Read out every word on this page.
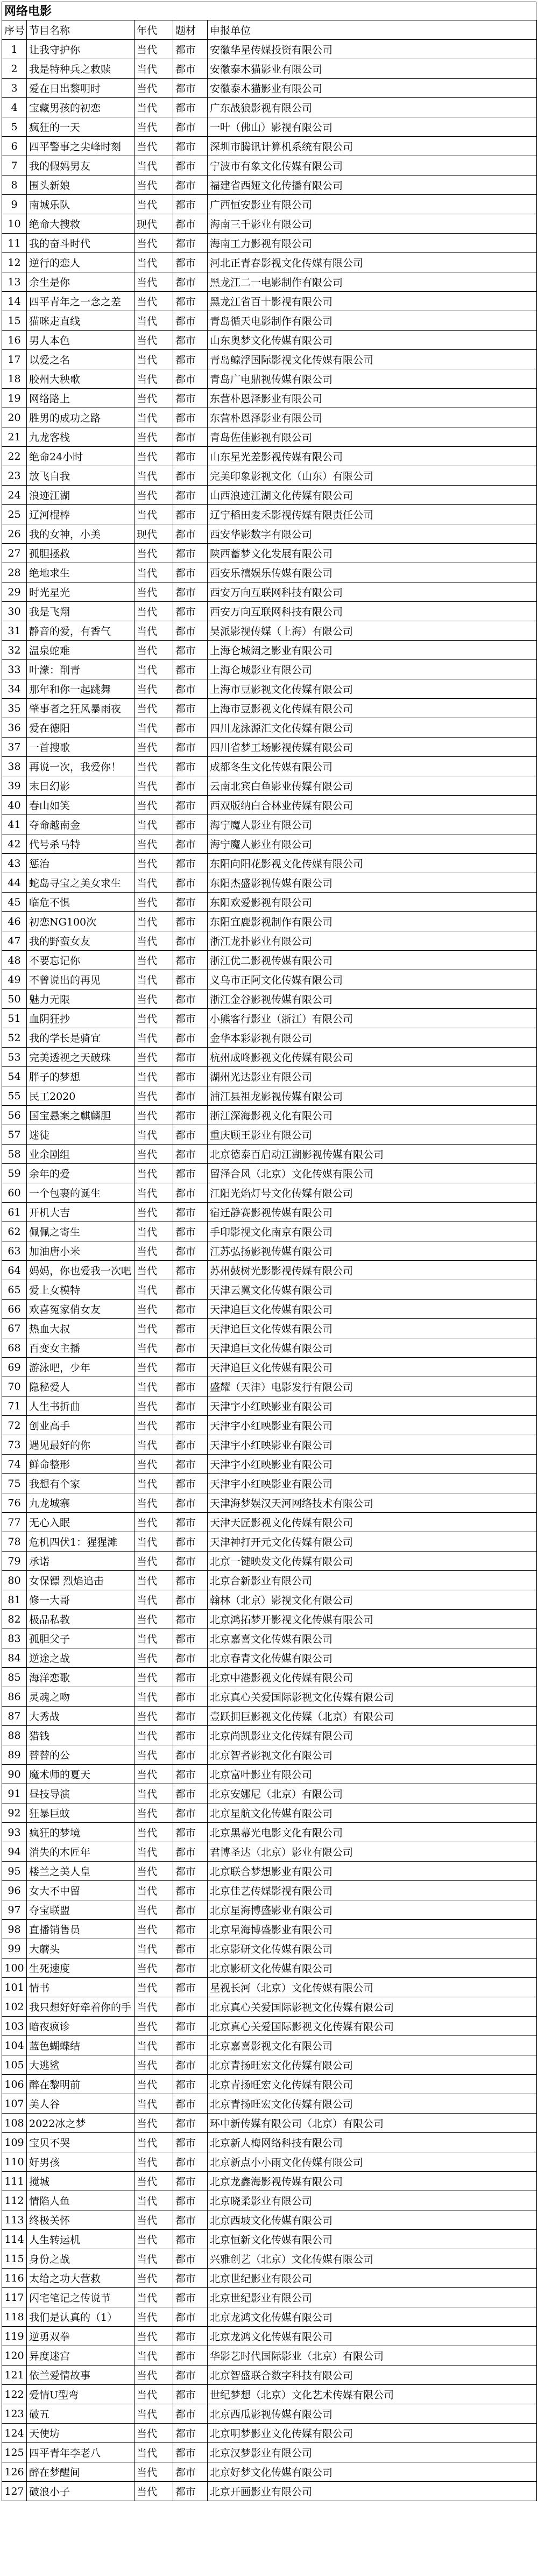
网络电影
序号	节目名称	年代	题材	申报单位
1	让我守护你	当代	都市	安徽华星传媒投资有限公司
2	我是特种兵之救赎	当代	都市	安徽泰木猫影业有限公司
3	爱在日出黎明时	当代	都市	安徽泰木猫影业有限公司
4	宝藏男孩的初恋	当代	都市	广东战狼影视有限公司
5	疯狂的一天	当代	都市	一叶（佛山）影视有限公司
6	四平警事之尖峰时刻	当代	都市	深圳市腾讯计算机系统有限公司
7	我的假妈男友	当代	都市	宁波市有象文化传媒有限公司
8	围头新娘	当代	都市	福建省西娅文化传播有限公司
9	南城乐队	当代	都市	广西恒安影业有限公司
10	绝命大搜救	现代	都市	海南三千影业有限公司
11	我的奋斗时代	当代	都市	海南工力影视有限公司
12	逆行的恋人	当代	都市	河北正青春影视文化传媒有限公司
13	余生是你	当代	都市	黑龙江二一电影制作有限公司
14	四平青年之一念之差	当代	都市	黑龙江省百十影视有限公司
15	猫咪走直线	当代	都市	青岛循天电影制作有限公司
16	男人本色	当代	都市	山东奥梦文化传媒有限公司
17	以爱之名	当代	都市	青岛鲸浮国际影视文化传媒有限公司
18	胶州大秧歌	当代	都市	青岛广电鼎视传媒有限公司
19	网络路上	当代	都市	东营朴恩泽影业有限公司
20	胜男的成功之路	当代	都市	东营朴恩泽影业有限公司
21	九龙客栈	当代	都市	青岛佐佳影视有限公司
22	绝命24小时	当代	都市	山东星光差影视传媒有限公司
23	放飞自我	当代	都市	完美印象影视文化（山东）有限公司
24	浪迹江湖	当代	都市	山西浪迹江湖文化传媒有限公司
25	辽河棍棒	当代	都市	辽宁稻田麦禾影视传媒有限责任公司
26	我的女神，小美	现代	都市	西安华影数字有限公司
27	孤胆拯救	当代	都市	陕西蓄梦文化发展有限公司
28	绝地求生	当代	都市	西安乐禧娱乐传媒有限公司
29	时光星光	当代	都市	西安万向互联网科技有限公司
30	我是飞翔	当代	都市	西安万向互联网科技有限公司
31	静音的爱，有香气	当代	都市	吴派影视传媒（上海）有限公司
32	温泉蛇难	当代	都市	上海仑城阔之影业有限公司
33	叶濛：削青	当代	都市	上海仑城影业有限公司
34	那年和你一起跳舞	当代	都市	上海市豆影视文化传媒有限公司
35	肇事者之狂风暴雨夜	当代	都市	上海市豆影视文化传媒有限公司
36	爱在德阳	当代	都市	四川龙泳源汇文化传媒有限公司
37	一首搜歌	当代	都市	四川省梦工场影视传媒有限公司
38	再说一次，我爱你！	当代	都市	成都冬生文化传媒有限公司
39	末日幻影	当代	都市	云南北宾白鱼影业传媒有限公司
40	春山如笑	当代	都市	西双版纳白合林业传媒有限公司
41	夺命越南金	当代	都市	海宁魔人影业有限公司
42	代号杀马特	当代	都市	海宁魔人影业有限公司
43	惩治	当代	都市	东阳向阳花影视文化传媒有限公司
44	蛇岛寻宝之美女求生	当代	都市	东阳杰盛影视传媒有限公司
45	临危不惧	当代	都市	东阳欢爱影视有限公司
46	初恋NG100次	当代	都市	东阳宜鹿影视制作有限公司
47	我的野蛮女友	当代	都市	浙江龙扑影业有限公司
48	不要忘记你	当代	都市	浙江优二影视传媒有限公司
49	不曾说出的再见	当代	都市	义乌市正阿文化传媒有限公司
50	魅力无限	当代	都市	浙江金谷影视传媒有限公司
51	血阴狂抄	当代	都市	小熊客行影业（浙江）有限公司
52	我的学长是骑宜	当代	都市	金华本彩影视有限公司
53	完美透视之天破珠	当代	都市	杭州成咚影视文化传媒有限公司
54	胖子的梦想	当代	都市	湖州光达影业有限公司
55	民工2020	当代	都市	浦江县祖龙影视传媒有限公司
56	国宝悬案之麒麟胆	当代	都市	浙江深海影视文化有限公司
57	迷徒	当代	都市	重庆顾王影业有限公司
58	业余剧组	当代	都市	北京德泰百启动江湖影视传媒有限公司
59	余年的爱	当代	都市	留泽合风（北京）文化传媒有限公司
60	一个包裹的诞生	当代	都市	江阳光焰灯号文化传媒有限公司
61	开机大吉	当代	都市	宿迁静赛影视传媒有限公司
62	佩佩之寄生	当代	都市	手印影视文化南京有限公司
63	加油唐小米	当代	都市	江苏弘扬影视传媒有限公司
64	妈妈，你也爱我一次吧	当代	都市	苏州鼓树光影影视传媒有限公司
65	爱上女模特	当代	都市	天津云翼文化传媒有限公司
66	欢喜冤家俏女友	当代	都市	天津追巨文化传媒有限公司
67	热血大叔	当代	都市	天津追巨文化传媒有限公司
68	百变女主播	当代	都市	天津追巨文化传媒有限公司
69	游泳吧，少年	当代	都市	天津追巨文化传媒有限公司
70	隐秘爱人	当代	都市	盛耀（天津）电影发行有限公司
71	人生书折曲	当代	都市	天津宇小红映影业有限公司
72	创业高手	当代	都市	天津宇小红映影业有限公司
73	遇见最好的你	当代	都市	天津宇小红映影业有限公司
74	鲜命整形	当代	都市	天津宇小红映影业有限公司
75	我想有个家	当代	都市	天津宇小红映影业有限公司
76	九龙城寨	当代	都市	天津海梦娱汉天河网络技术有限公司
77	无心入眠	当代	都市	天津天匠影视文化传媒有限公司
78	危机四伏1：猩猩滩	当代	都市	天津神打开元文化传媒有限公司
79	承诺	当代	都市	北京一键映发文化传媒有限公司
80	女保镖 烈焰追击	当代	都市	北京合新影业有限公司
81	修一大哥	当代	都市	翰林（北京）影视文化有限公司
82	极品私教	当代	都市	北京鸿拓梦开影视文化传媒有限公司
83	孤胆父子	当代	都市	北京嘉喜文化传媒有限公司
84	逆途之战	当代	都市	北京春青文化传媒有限公司
85	海洋恋歌	当代	都市	北京中港影视文化传媒有限公司
86	灵魂之吻	当代	都市	北京真心关爱国际影视文化传媒有限公司
87	大秀战	当代	都市	壹跃拥巨影视文化传媒（北京）有限公司
88	猎钱	当代	都市	北京尚凯影业文化传媒有限公司
89	替替的公	当代	都市	北京智者影视文化有限公司
90	魔术师的夏天	当代	都市	北京富叶影业有限公司
91	昼技导演	当代	都市	北京安娜尼（北京）有限公司
92	狂暴巨蚊	当代	都市	北京星航文化传媒有限公司
93	疯狂的梦境	当代	都市	北京黑幕光电影文化有限公司
94	消失的木匠年	当代	都市	君博圣达（北京）影业有限公司
95	楼兰之美人皇	当代	都市	北京联合梦想影业有限公司
96	女大不中留	当代	都市	北京佳艺传媒影视有限公司
97	夺宝联盟	当代	都市	北京星海博盛影业有限公司
98	直播销售员	当代	都市	北京星海博盛影业有限公司
99	大蘑头	当代	都市	北京影研文化传媒有限公司
100	生死速度	当代	都市	北京影研文化传媒有限公司
101	情书	当代	都市	星视长河（北京）文化传媒有限公司
102	我只想好好牵着你的手	当代	都市	北京真心关爱国际影视文化传媒有限公司
103	暗夜疯诊	当代	都市	北京真心关爱国际影视文化传媒有限公司
104	蓝色蝴蝶结	当代	都市	北京嘉喜影视文化有限公司
105	大逃鲨	当代	都市	北京青扬旺宏文化传媒有限公司
106	醉在黎明前	当代	都市	北京青扬旺宏文化传媒有限公司
107	美人谷	当代	都市	北京青扬旺宏文化传媒有限公司
108	2022冰之梦	当代	都市	环中新传媒有限公司（北京）有限公司
109	宝贝不哭	当代	都市	北京新人梅网络科技有限公司
110	好男孩	当代	都市	北京新点小小雨文化传媒有限公司
111	搅城	当代	都市	北京龙鑫海影视传媒有限公司
112	情陷人鱼	当代	都市	北京晓柔影业有限公司
113	终极关怀	当代	都市	北京西坡文化传媒有限公司
114	人生转运机	当代	都市	北京恒新文化传媒有限公司
115	身份之战	当代	都市	兴雅创艺（北京）文化传媒有限公司
116	太给之功大营救	当代	都市	北京世纪影业有限公司
117	闪宅笔记之传说节	当代	都市	北京世纪影业有限公司
118	我们是认真的（1）	当代	都市	北京龙鸿文化传媒有限公司
119	逆勇双拳	当代	都市	北京龙鸿文化传媒有限公司
120	异度迷宫	当代	都市	华影艺时代国际影业（北京）有限公司
121	依兰爱情故事	当代	都市	北京智盛联合数字科技有限公司
122	爱情U型弯	当代	都市	世纪梦想（北京）文化艺术传媒有限公司
123	破五	当代	都市	北京西瓜影视传媒有限公司
124	天使坊	当代	都市	北京明梦影业文化传媒有限公司
125	四平青年李老八	当代	都市	北京汉梦影业有限公司
126	醉在梦醒间	当代	都市	北京好梦文化传媒有限公司
127	破浪小子	当代	都市	北京开画影业有限公司
